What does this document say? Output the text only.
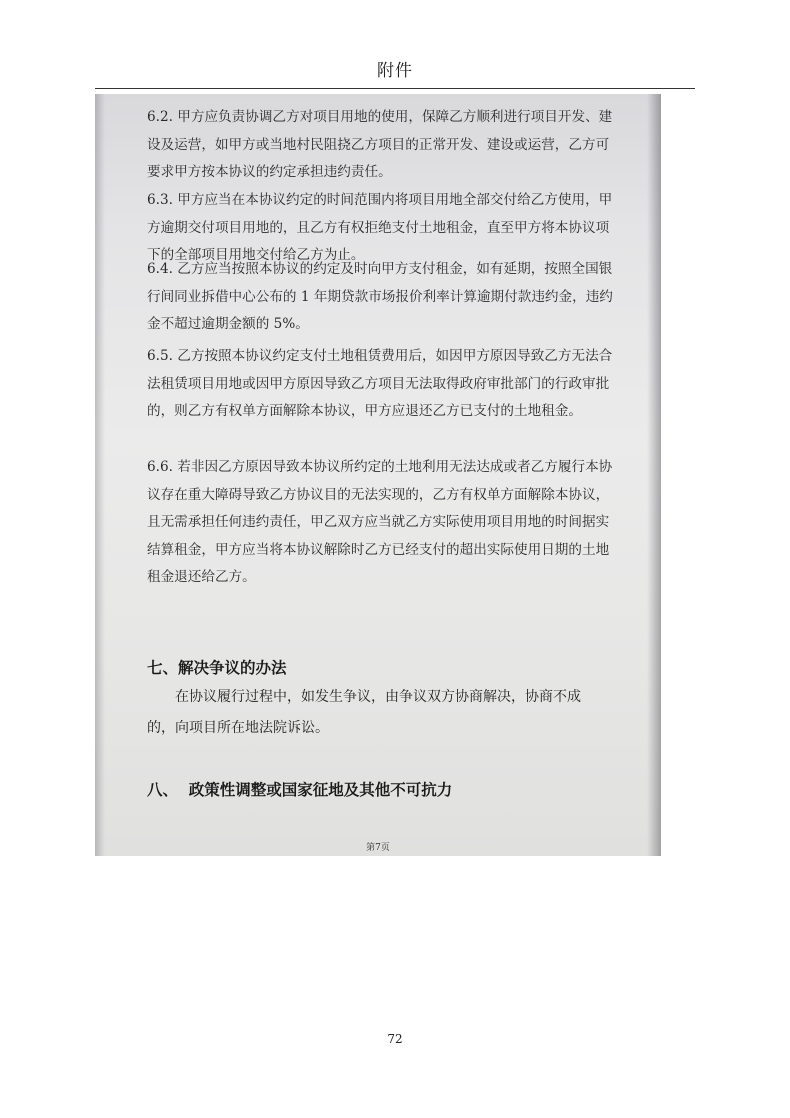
附件

6.2. 甲方应负责协调乙方对项目用地的使用，保障乙方顺利进行项目开发、建设及运营，如甲方或当地村民阻挠乙方项目的正常开发、建设或运营，乙方可要求甲方按本协议的约定承担违约责任。

6.3. 甲方应当在本协议约定的时间范围内将项目用地全部交付给乙方使用，甲方逾期交付项目用地的，且乙方有权拒绝支付土地租金，直至甲方将本协议项下的全部项目用地交付给乙方为止。

6.4. 乙方应当按照本协议的约定及时向甲方支付租金，如有延期，按照全国银行间同业拆借中心公布的 1 年期贷款市场报价利率计算逾期付款违约金，违约金不超过逾期金额的 5%。

6.5. 乙方按照本协议约定支付土地租赁费用后，如因甲方原因导致乙方无法合法租赁项目用地或因甲方原因导致乙方项目无法取得政府审批部门的行政审批的，则乙方有权单方面解除本协议，甲方应退还乙方已支付的土地租金。

6.6. 若非因乙方原因导致本协议所约定的土地利用无法达成或者乙方履行本协议存在重大障碍导致乙方协议目的无法实现的，乙方有权单方面解除本协议，且无需承担任何违约责任，甲乙双方应当就乙方实际使用项目用地的时间据实结算租金，甲方应当将本协议解除时乙方已经支付的超出实际使用日期的土地租金退还给乙方。

七、解决争议的办法
在协议履行过程中，如发生争议，由争议双方协商解决，协商不成的，向项目所在地法院诉讼。
八、  政策性调整或国家征地及其他不可抗力
第7页
72
